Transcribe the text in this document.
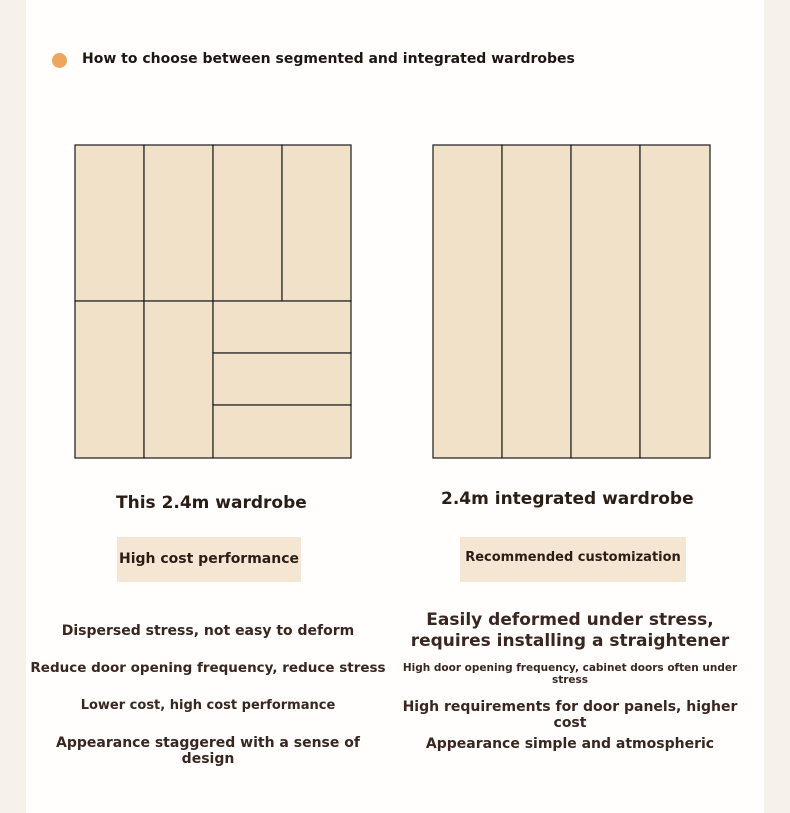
How to choose between segmented and integrated wardrobes
This 2.4m wardrobe	2.4m integrated wardrobe
High cost performance	Recommended customization
Dispersed stress, not easy to deform
Reduce door opening frequency, reduce stress
Lower cost, high cost performance
Appearance staggered with a sense of design
Easily deformed under stress, requires installing a straightener
High door opening frequency, cabinet doors often under stress
High requirements for door panels, higher cost
Appearance simple and atmospheric
